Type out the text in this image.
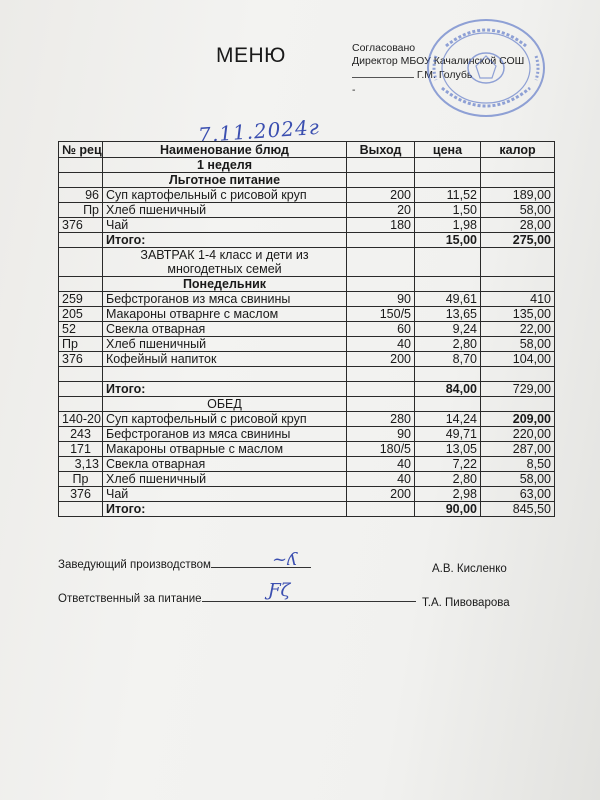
МЕНЮ	Согласовано
Директор МБОУ Качалинской СОШ
Г.М. Голубь
-
7.11.2024г
№ рец	Наименование блюд	Выход	цена	калор
	1 неделя			
	Льготное питание			
96	Суп картофельный с рисовой круп	200	11,52	189,00
Пр	Хлеб пшеничный	20	1,50	58,00
376	Чай	180	1,98	28,00
	Итого:		15,00	275,00
	ЗАВТРАК 1-4 класс и дети из многодетных семей			
	Понедельник			
259	Бефстроганов из мяса свинины	90	49,61	410
205	Макароны отварнre с маслом	150/5	13,65	135,00
52	Свекла отварная	60	9,24	22,00
Пр	Хлеб пшеничный	40	2,80	58,00
376	Кофейный напиток	200	8,70	104,00

	Итого:		84,00	729,00
	ОБЕД			
140-20	Суп картофельный с рисовой круп	280	14,24	209,00
243	Бефстроганов из мяса свинины	90	49,71	220,00
171	Макароны отварные с маслом	180/5	13,05	287,00
3,13	Свекла отварная	40	7,22	8,50
Пр	Хлеб пшеничный	40	2,80	58,00
376	Чай	200	2,98	63,00
	Итого:		90,00	845,50
Заведующий производством	~ʎ	А.В. Кисленко
Ответственный за питание	Ƒζ
Т.А. Пивоварова
